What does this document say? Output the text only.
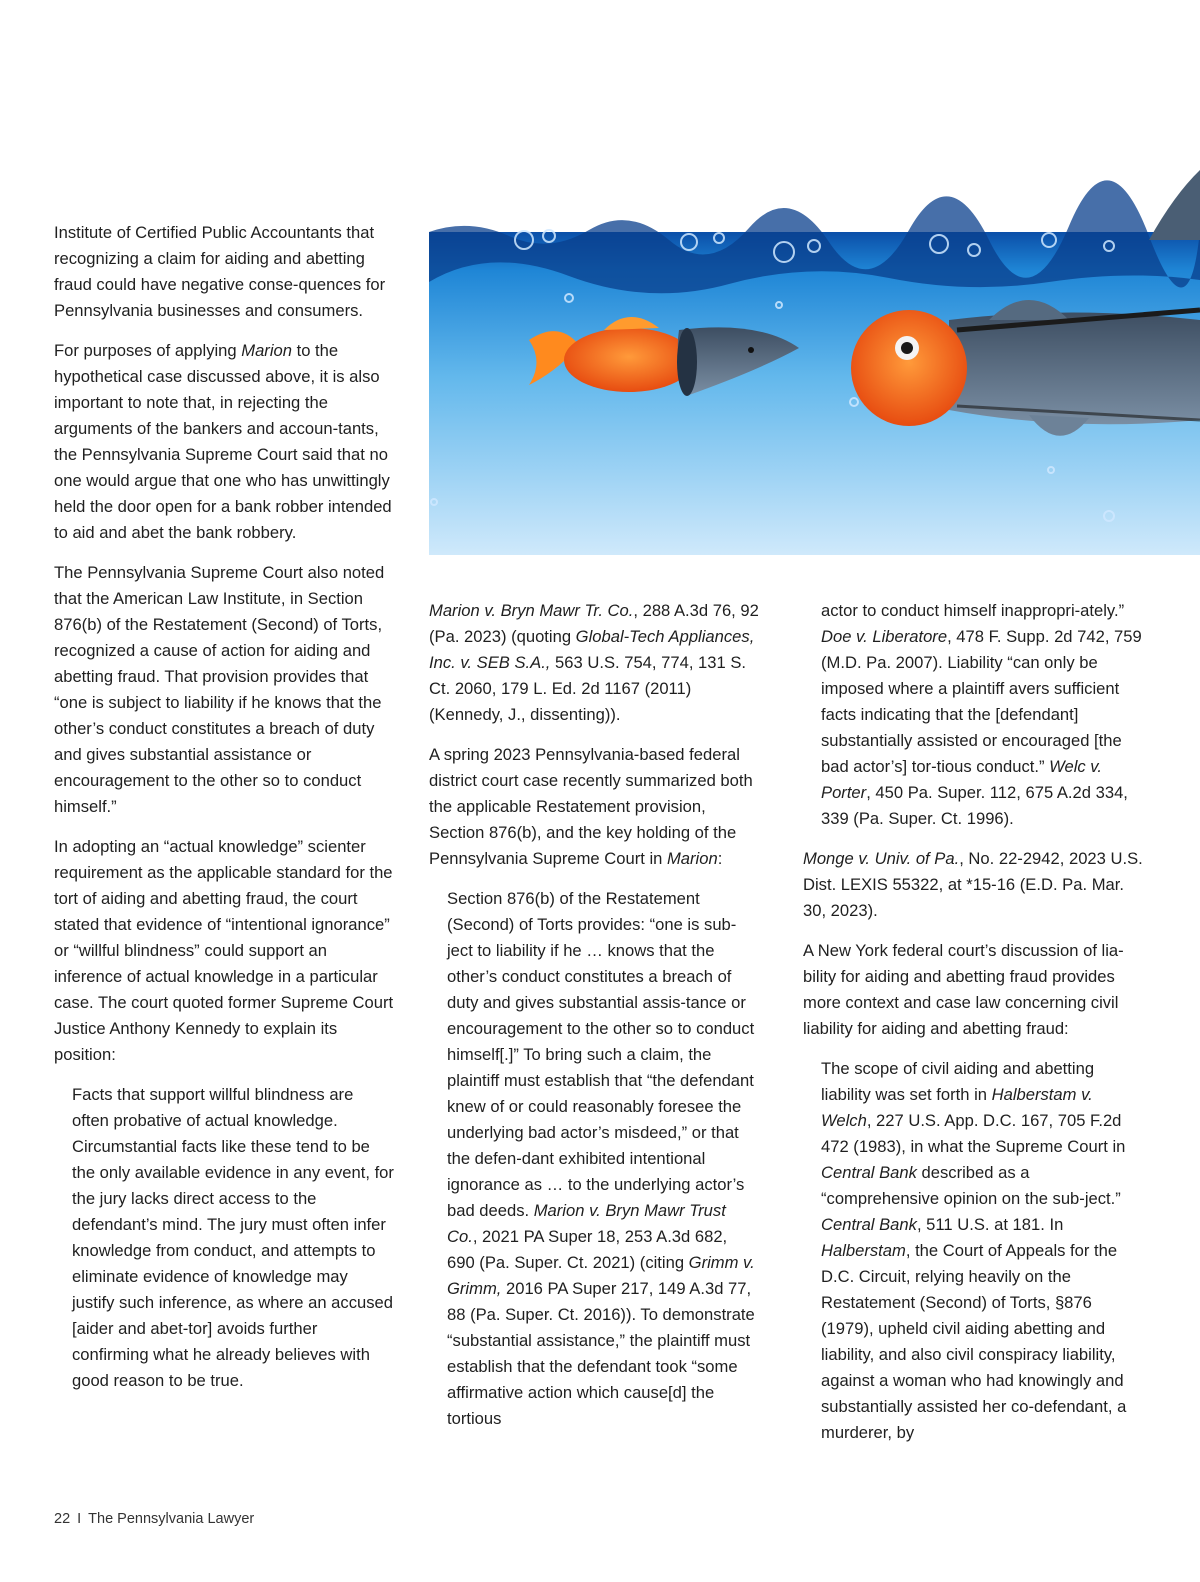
Institute of Certified Public Accountants that recognizing a claim for aiding and abetting fraud could have negative conse-quences for Pennsylvania businesses and consumers.

For purposes of applying Marion to the hypothetical case discussed above, it is also important to note that, in rejecting the arguments of the bankers and accoun-tants, the Pennsylvania Supreme Court said that no one would argue that one who has unwittingly held the door open for a bank robber intended to aid and abet the bank robbery.

The Pennsylvania Supreme Court also noted that the American Law Institute, in Section 876(b) of the Restatement (Second) of Torts, recognized a cause of action for aiding and abetting fraud. That provision provides that “one is subject to liability if he knows that the other’s conduct constitutes a breach of duty and gives substantial assistance or encouragement to the other so to conduct himself.”

In adopting an “actual knowledge” scienter requirement as the applicable standard for the tort of aiding and abetting fraud, the court stated that evidence of “intentional ignorance” or “willful blindness” could support an inference of actual knowledge in a particular case. The court quoted former Supreme Court Justice Anthony Kennedy to explain its position:

Facts that support willful blindness are often probative of actual knowledge. Circumstantial facts like these tend to be the only available evidence in any event, for the jury lacks direct access to the defendant’s mind. The jury must often infer knowledge from conduct, and attempts to eliminate evidence of knowledge may justify such inference, as where an accused [aider and abet-tor] avoids further confirming what he already believes with good reason to be true.

Marion v. Bryn Mawr Tr. Co., 288 A.3d 76, 92 (Pa. 2023) (quoting Global-Tech Appliances, Inc. v. SEB S.A., 563 U.S. 754, 774, 131 S. Ct. 2060, 179 L. Ed. 2d 1167 (2011) (Kennedy, J., dissenting)).

A spring 2023 Pennsylvania-based federal district court case recently summarized both the applicable Restatement provision, Section 876(b), and the key holding of the Pennsylvania Supreme Court in Marion:

Section 876(b) of the Restatement (Second) of Torts provides: “one is sub-ject to liability if he … knows that the other’s conduct constitutes a breach of duty and gives substantial assis-tance or encouragement to the other so to conduct himself[.]” To bring such a claim, the plaintiff must establish that “the defendant knew of or could reasonably foresee the underlying bad actor’s misdeed,” or that the defen-dant exhibited intentional ignorance as … to the underlying actor’s bad deeds. Marion v. Bryn Mawr Trust Co., 2021 PA Super 18, 253 A.3d 682, 690 (Pa. Super. Ct. 2021) (citing Grimm v. Grimm, 2016 PA Super 217, 149 A.3d 77, 88 (Pa. Super. Ct. 2016)). To demonstrate “substantial assistance,” the plaintiff must establish that the defendant took “some affirmative action which cause[d] the tortious

actor to conduct himself inappropri-ately.” Doe v. Liberatore, 478 F. Supp. 2d 742, 759 (M.D. Pa. 2007). Liability “can only be imposed where a plaintiff avers sufficient facts indicating that the [defendant] substantially assisted or encouraged [the bad actor’s] tor-tious conduct.” Welc v. Porter, 450 Pa. Super. 112, 675 A.2d 334, 339 (Pa. Super. Ct. 1996).

Monge v. Univ. of Pa., No. 22-2942, 2023 U.S. Dist. LEXIS 55322, at *15-16 (E.D. Pa. Mar. 30, 2023).

A New York federal court’s discussion of lia-bility for aiding and abetting fraud provides more context and case law concerning civil liability for aiding and abetting fraud:

The scope of civil aiding and abetting liability was set forth in Halberstam v. Welch, 227 U.S. App. D.C. 167, 705 F.2d 472 (1983), in what the Supreme Court in Central Bank described as a “comprehensive opinion on the sub-ject.” Central Bank, 511 U.S. at 181. In Halberstam, the Court of Appeals for the D.C. Circuit, relying heavily on the Restatement (Second) of Torts, §876 (1979), upheld civil aiding abetting and liability, and also civil conspiracy liability, against a woman who had knowingly and substantially assisted her co-defendant, a murderer, by

22 I The Pennsylvania Lawyer
